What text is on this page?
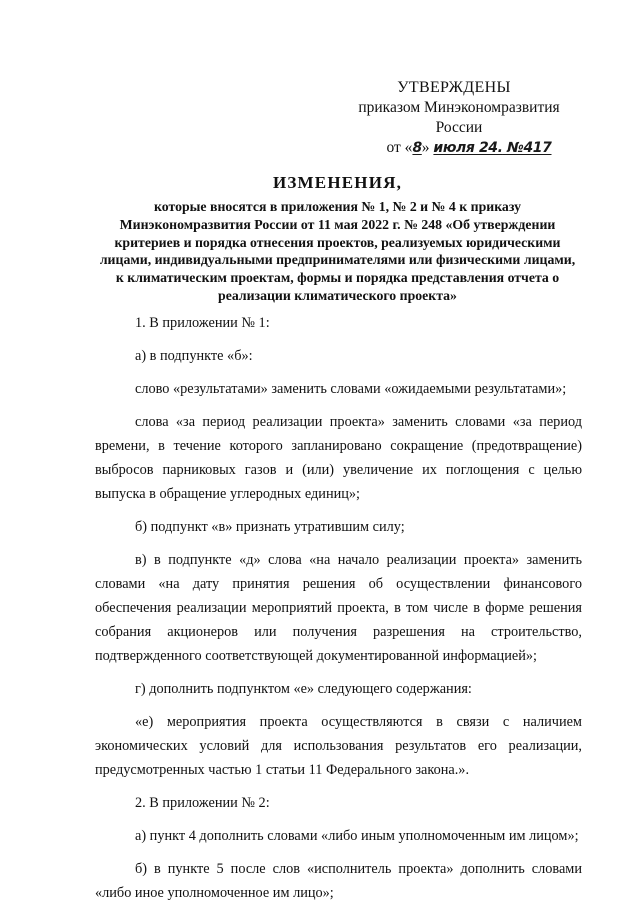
УТВЕРЖДЕНЫ
приказом Минэкономразвития России
от «8» июля 24. №417
ИЗМЕНЕНИЯ,
которые вносятся в приложения № 1, № 2 и № 4 к приказу Минэкономразвития России от 11 мая 2022 г. № 248 «Об утверждении критериев и порядка отнесения проектов, реализуемых юридическими лицами, индивидуальными предпринимателями или физическими лицами, к климатическим проектам, формы и порядка представления отчета о реализации климатического проекта»

1. В приложении № 1:

а) в подпункте «б»:

слово «результатами» заменить словами «ожидаемыми результатами»;

слова «за период реализации проекта» заменить словами «за период времени, в течение которого запланировано сокращение (предотвращение) выбросов парниковых газов и (или) увеличение их поглощения с целью выпуска в обращение углеродных единиц»;

б) подпункт «в» признать утратившим силу;

в) в подпункте «д» слова «на начало реализации проекта» заменить словами «на дату принятия решения об осуществлении финансового обеспечения реализации мероприятий проекта, в том числе в форме решения собрания акционеров или получения разрешения на строительство, подтвержденного соответствующей документированной информацией»;

г) дополнить подпунктом «е» следующего содержания:

«е) мероприятия проекта осуществляются в связи с наличием экономических условий для использования результатов его реализации, предусмотренных частью 1 статьи 11 Федерального закона.».

2. В приложении № 2:

а) пункт 4 дополнить словами «либо иным уполномоченным им лицом»;

б) в пункте 5 после слов «исполнитель проекта» дополнить словами «либо иное уполномоченное им лицо»;
